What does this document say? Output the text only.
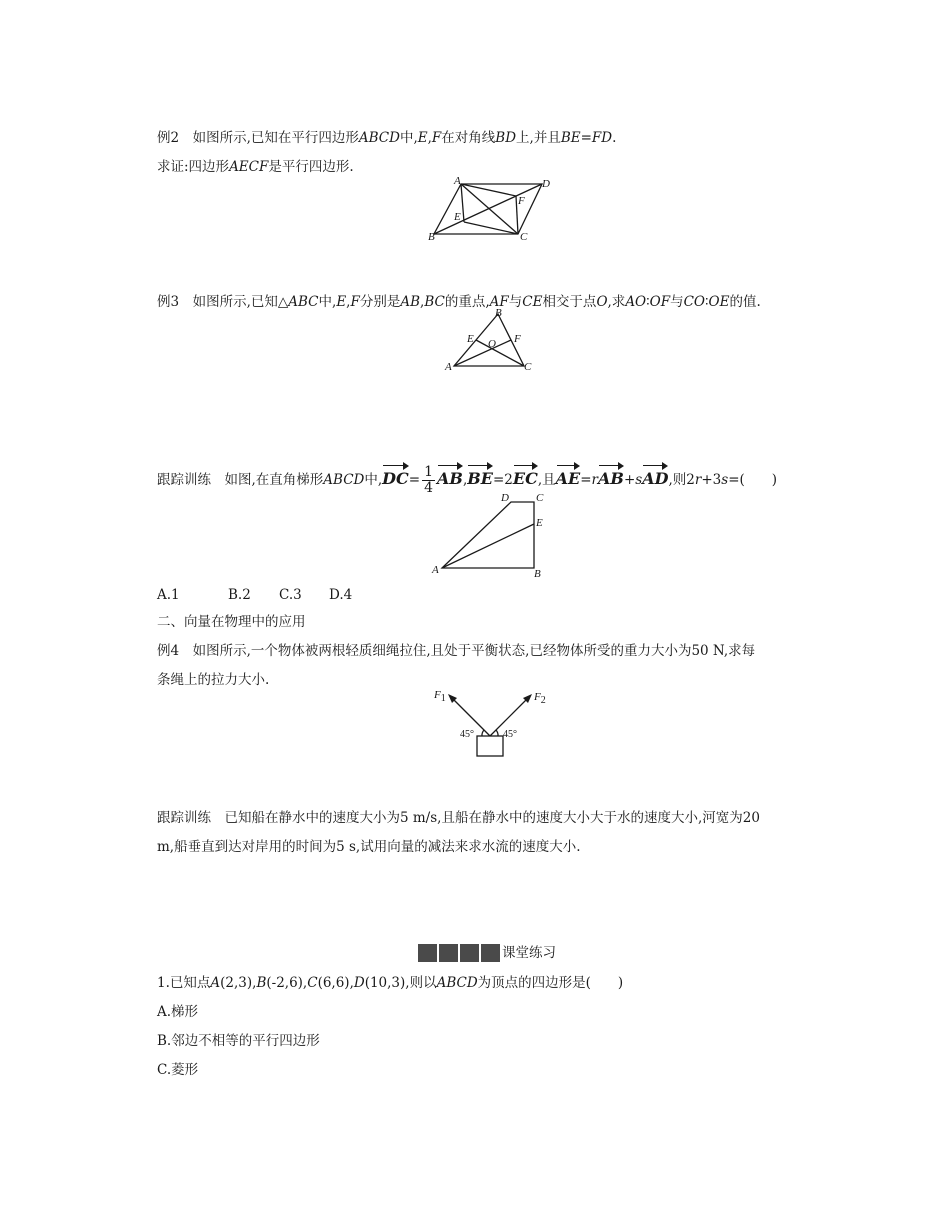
例2　如图所示,已知在平行四边形ABCD中,E,F在对角线BD上,并且BE=FD.
求证:四边形AECF是平行四边形.
A	D
B	C
E
F
例3　如图所示,已知△ABC中,E,F分别是AB,BC的重点,AF与CE相交于点O,求AO∶OF与CO∶OE的值.
B
A	C
E	F
O
跟踪训练　如图,在直角梯形ABCD中$,DC= \frac{1}{4} AB,BE=2EC$,且AE=rAB+sAD,则2r+3s=(　　)
D C
E
A	B
A.1	B.2 C.3 D.4
二、向量在物理中的应用
例4　如图所示,一个物体被两根轻质细绳拉住,且处于平衡状态,已经物体所受的重力大小为50 N,求每
条绳上的拉力大小.
F1	F2
45°	45°
跟踪训练　已知船在静水中的速度大小为5 m/s,且船在静水中的速度大小大于水的速度大小,河宽为20
m,船垂直到达对岸用的时间为5 s,试用向量的减法来求水流的速度大小.
课堂练习
1.已知点A(2,3),B(-2,6),C(6,6),D(10,3),则以ABCD为顶点的四边形是(　　)
A.梯形
B.邻边不相等的平行四边形
C.菱形
